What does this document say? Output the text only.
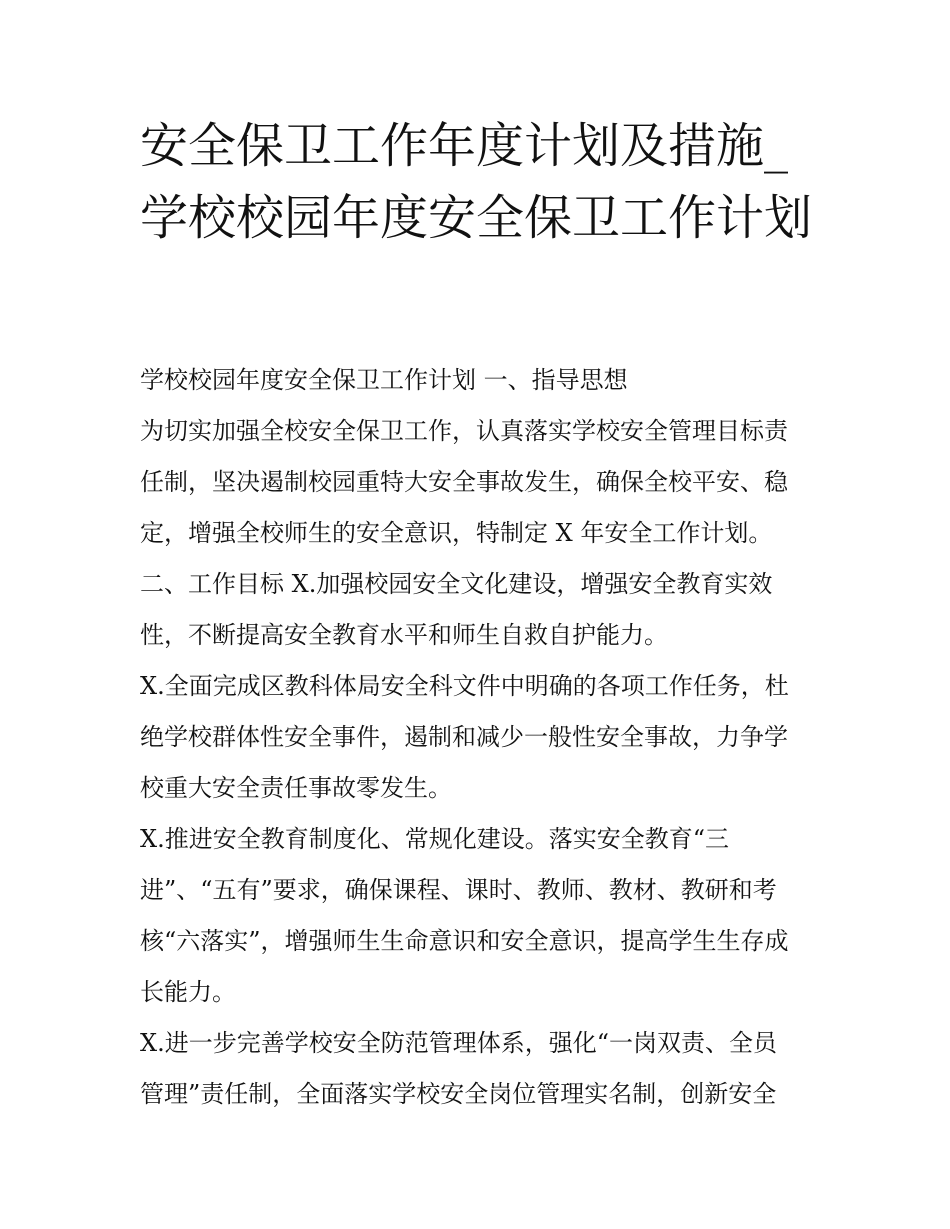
安全保卫工作年度计划及措施_学校校园年度安全保卫工作计划
学校校园年度安全保卫工作计划 一、指导思想
为切实加强全校安全保卫工作，认真落实学校安全管理目标责
任制，坚决遏制校园重特大安全事故发生，确保全校平安、稳
定，增强全校师生的安全意识，特制定 X 年安全工作计划。
二、工作目标 X.加强校园安全文化建设，增强安全教育实效
性，不断提高安全教育水平和师生自救自护能力。
X.全面完成区教科体局安全科文件中明确的各项工作任务，杜
绝学校群体性安全事件，遏制和减少一般性安全事故，力争学
校重大安全责任事故零发生。
X.推进安全教育制度化、常规化建设。落实安全教育“三
进”、“五有”要求，确保课程、课时、教师、教材、教研和考
核“六落实”，增强师生生命意识和安全意识，提高学生生存成
长能力。
X.进一步完善学校安全防范管理体系，强化“一岗双责、全员
管理”责任制，全面落实学校安全岗位管理实名制，创新安全
